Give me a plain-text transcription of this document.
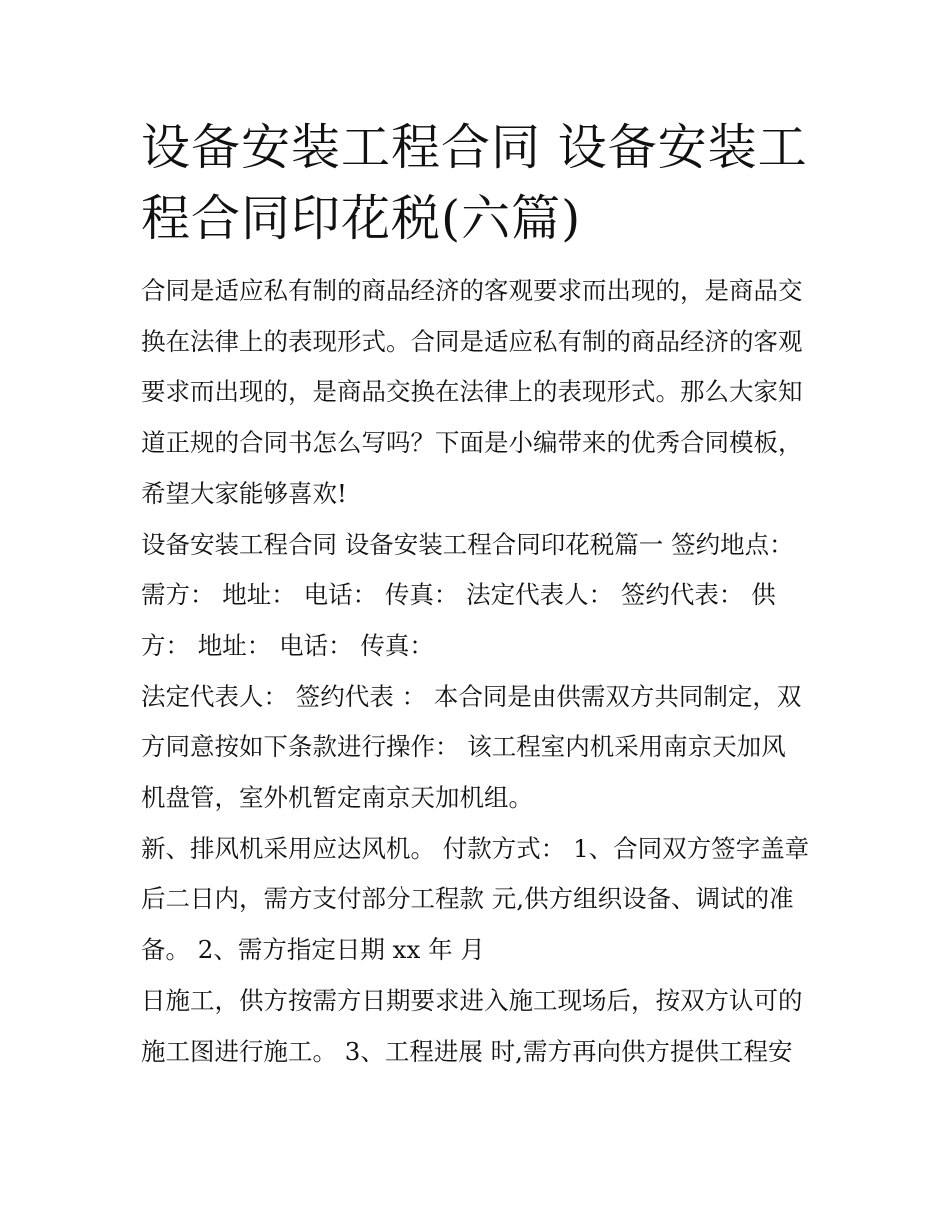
设备安装工程合同 设备安装工
程合同印花税(六篇)

合同是适应私有制的商品经济的客观要求而出现的，是商品交
换在法律上的表现形式。合同是适应私有制的商品经济的客观
要求而出现的，是商品交换在法律上的表现形式。那么大家知
道正规的合同书怎么写吗？下面是小编带来的优秀合同模板，
希望大家能够喜欢!

设备安装工程合同 设备安装工程合同印花税篇一 签约地点：
需方： 地址： 电话： 传真： 法定代表人： 签约代表： 供
方： 地址： 电话： 传真：

法定代表人： 签约代表 ： 本合同是由供需双方共同制定，双
方同意按如下条款进行操作： 该工程室内机采用南京天加风
机盘管，室外机暂定南京天加机组。

新、排风机采用应达风机。 付款方式： 1、合同双方签字盖章
后二日内，需方支付部分工程款 元,供方组织设备、调试的准
备。 2、需方指定日期 xx 年 月

日施工，供方按需方日期要求进入施工现场后，按双方认可的
施工图进行施工。 3、工程进展 时,需方再向供方提供工程安
